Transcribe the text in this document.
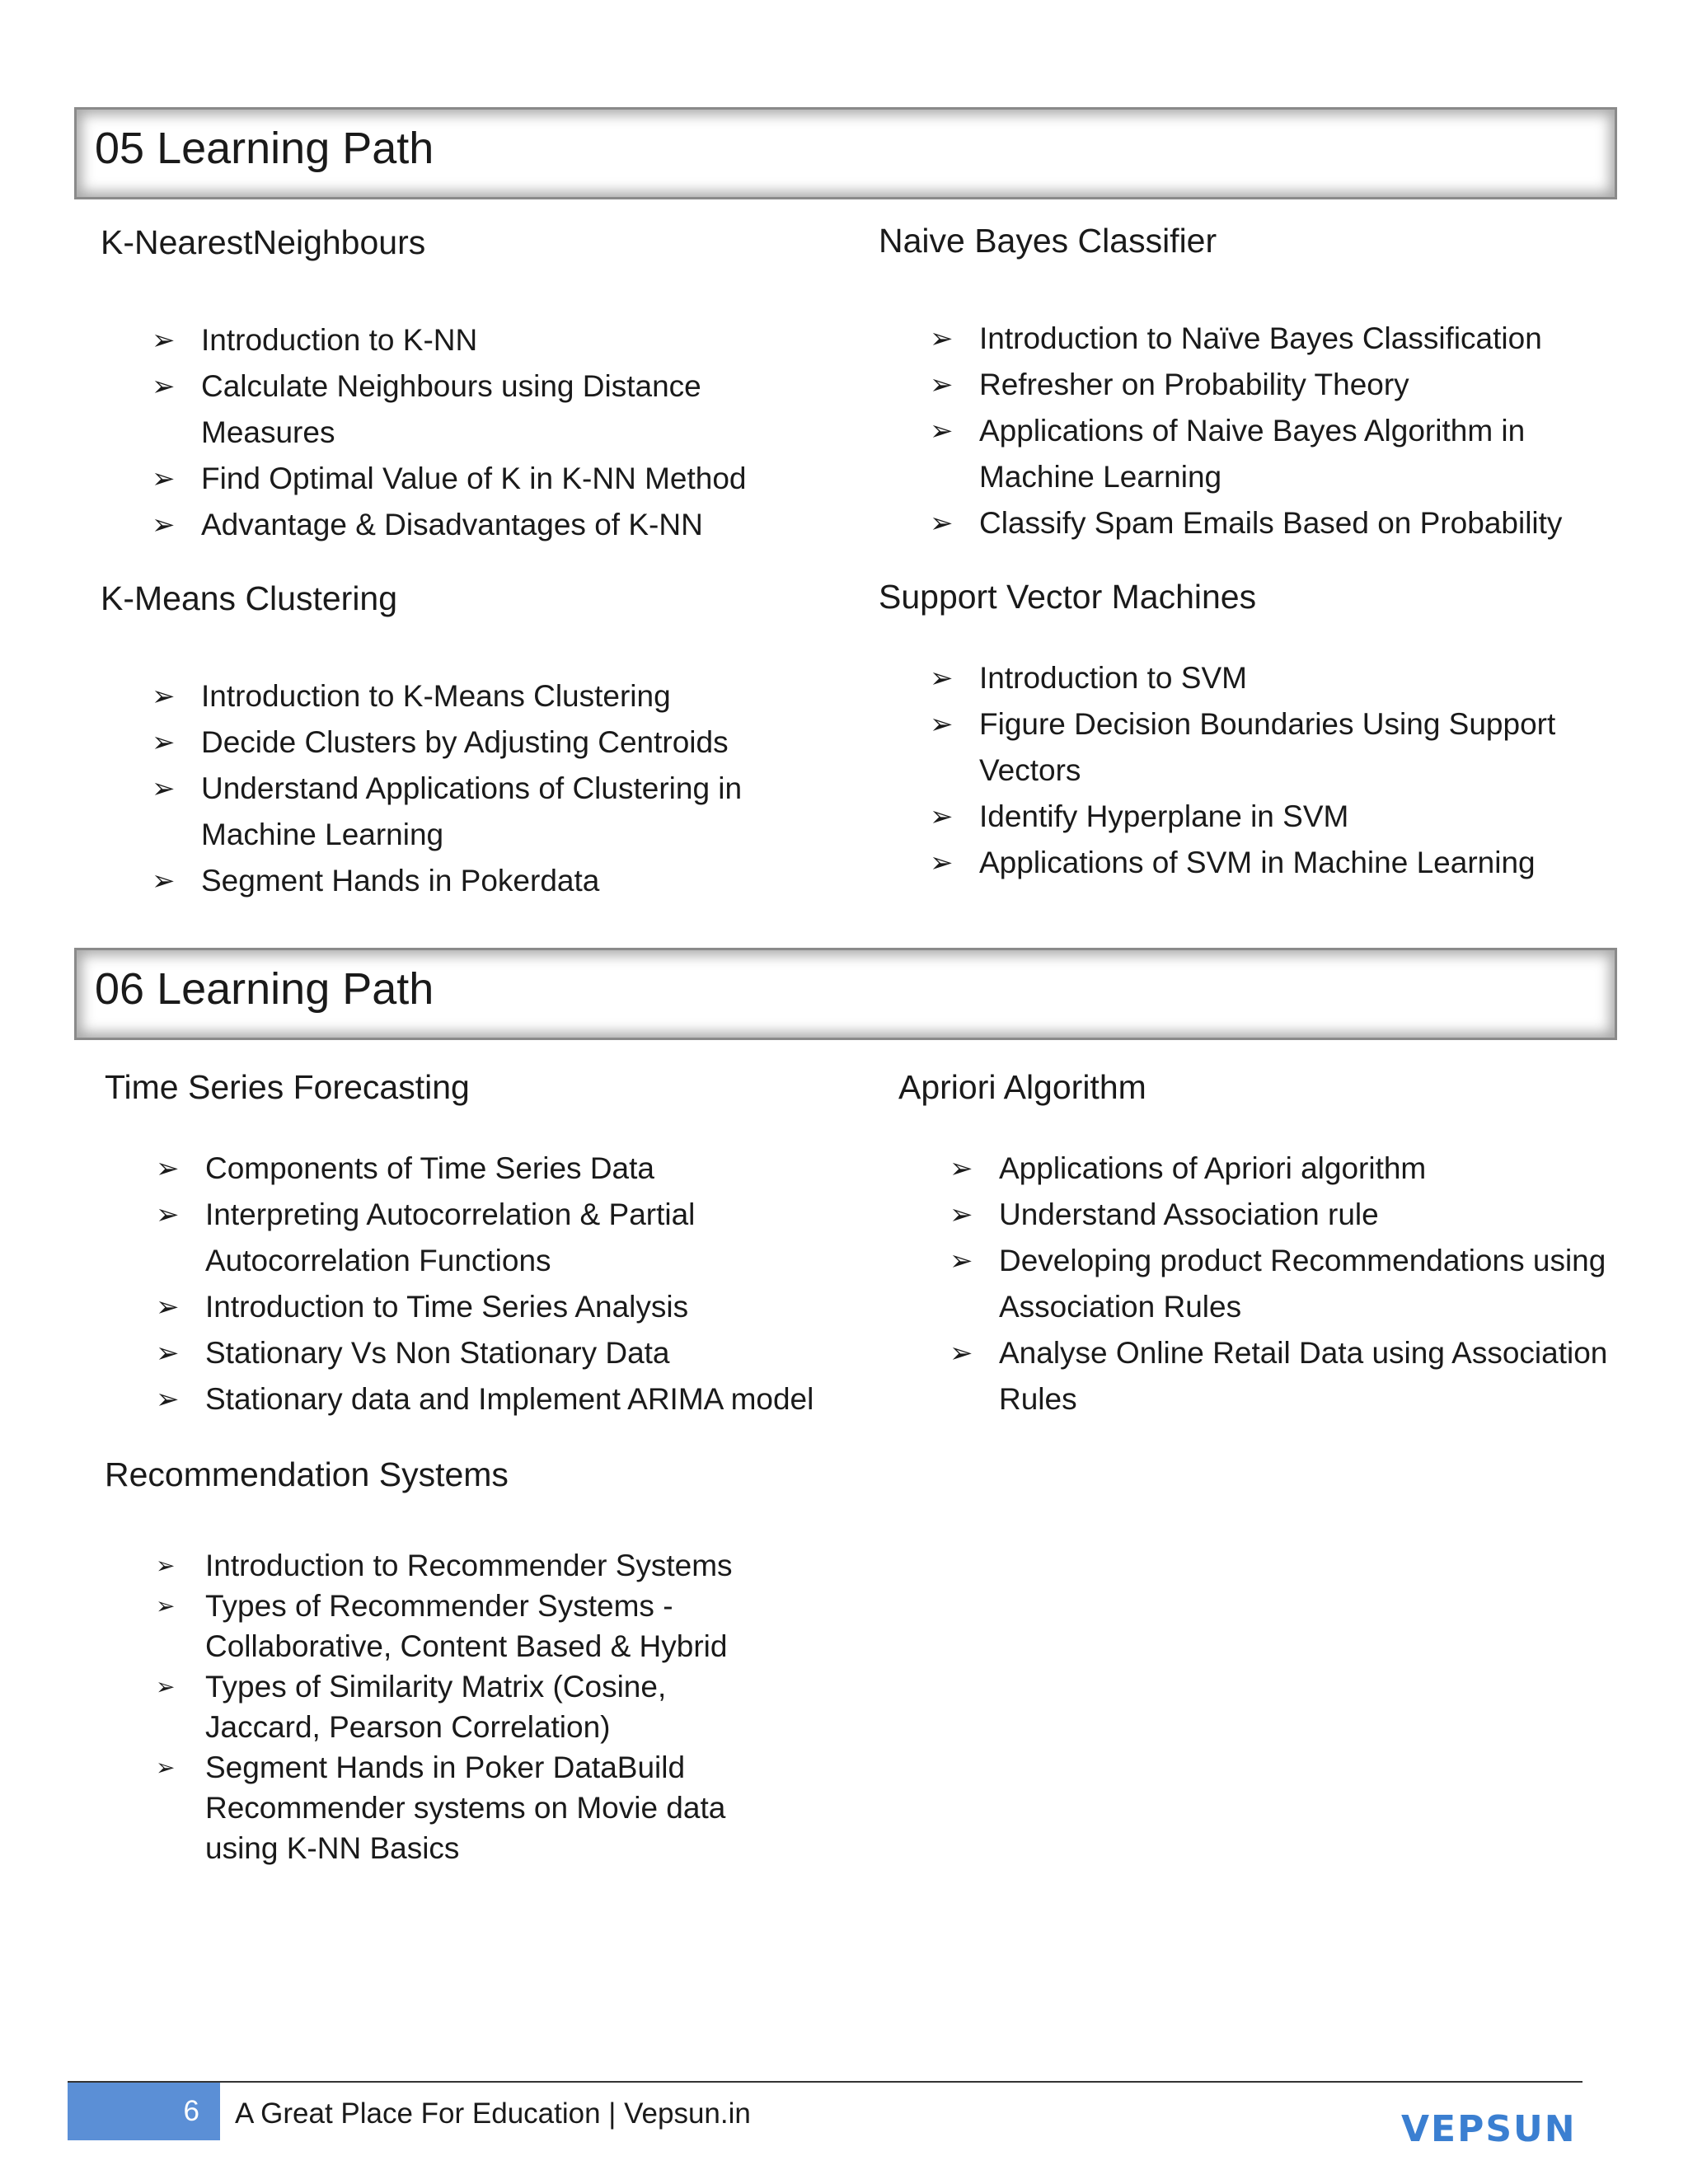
05 Learning Path
K-NearestNeighbours
➢ Introduction to K-NN
➢ Calculate Neighbours using Distance Measures
➢ Find Optimal Value of K in K-NN Method
➢ Advantage & Disadvantages of K-NN
Naive Bayes Classifier
➢ Introduction to Naïve Bayes Classification
➢ Refresher on Probability Theory
➢ Applications of Naive Bayes Algorithm in Machine Learning
➢ Classify Spam Emails Based on Probability
K-Means Clustering
➢ Introduction to K-Means Clustering
➢ Decide Clusters by Adjusting Centroids
➢ Understand Applications of Clustering in Machine Learning
➢ Segment Hands in Pokerdata
Support Vector Machines
➢ Introduction to SVM
➢ Figure Decision Boundaries Using Support Vectors
➢ Identify Hyperplane in SVM
➢ Applications of SVM in Machine Learning
06 Learning Path
Time Series Forecasting
➢ Components of Time Series Data
➢ Interpreting Autocorrelation & Partial Autocorrelation Functions
➢ Introduction to Time Series Analysis
➢ Stationary Vs Non Stationary Data
➢ Stationary data and Implement ARIMA model
Apriori Algorithm
➢ Applications of Apriori algorithm
➢ Understand Association rule
➢ Developing product Recommendations using Association Rules
➢ Analyse Online Retail Data using Association Rules
Recommendation Systems
➢ Introduction to Recommender Systems
➢ Types of Recommender Systems - Collaborative, Content Based & Hybrid
➢ Types of Similarity Matrix (Cosine, Jaccard, Pearson Correlation)
➢ Segment Hands in Poker DataBuild Recommender systems on Movie data using K-NN Basics
6 A Great Place For Education | Vepsun.in	VEPSUN
